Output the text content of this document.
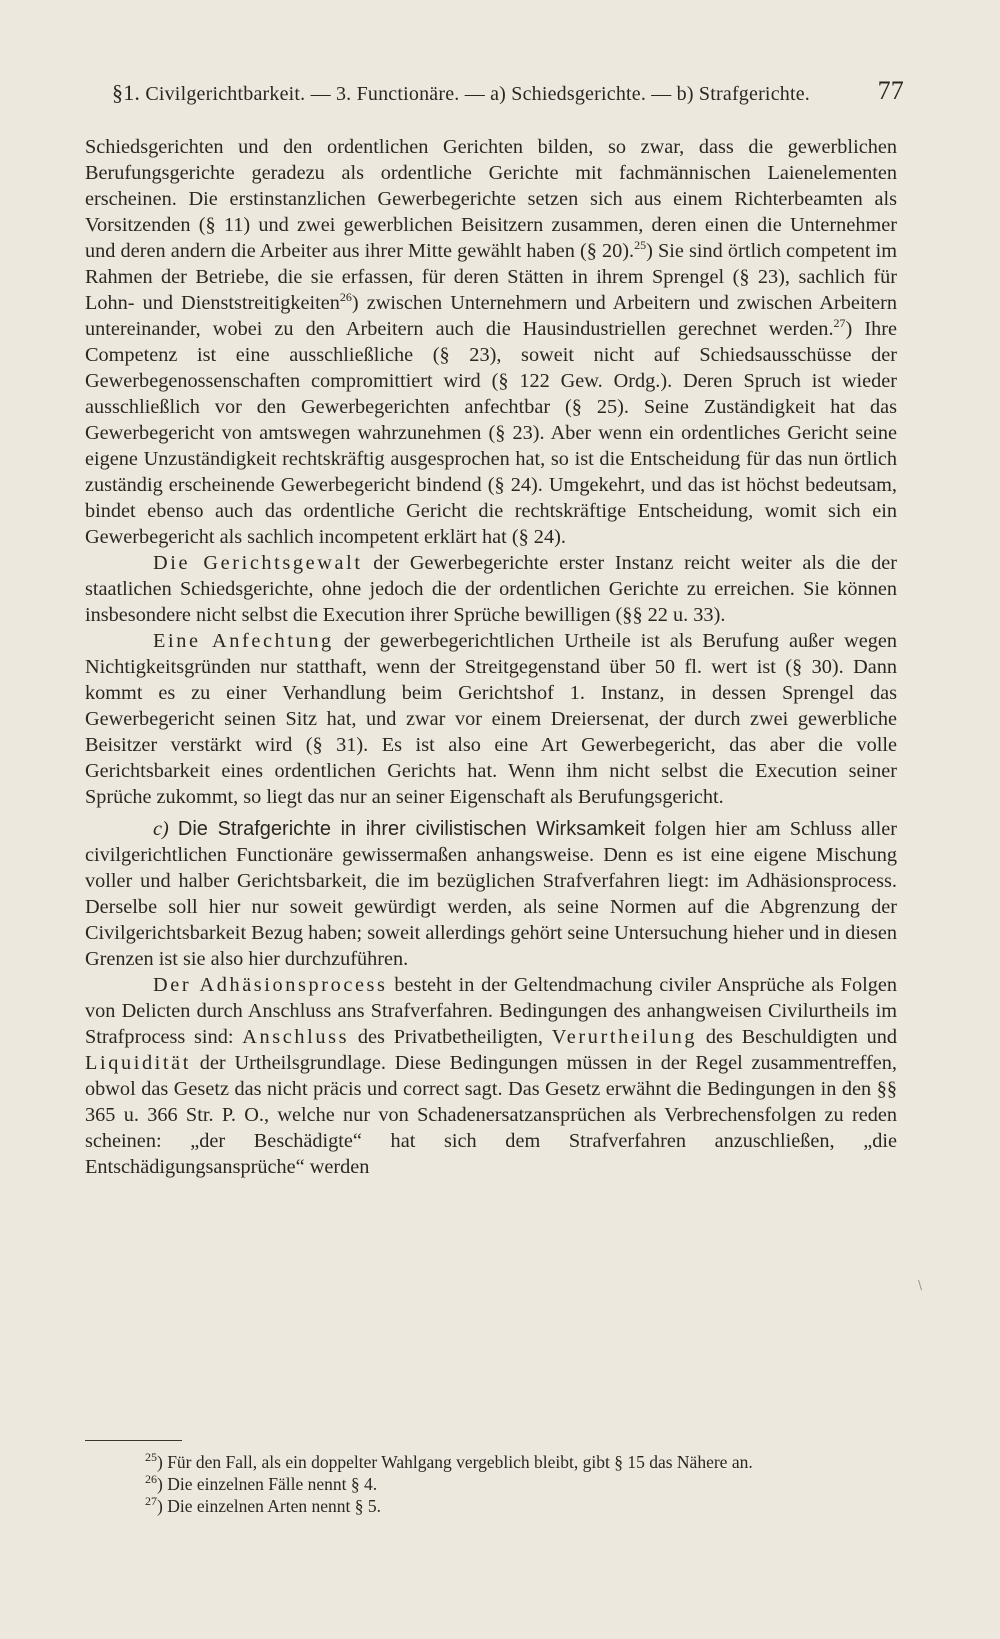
§1. Civilgerichtbarkeit. — 3. Functionäre. — a) Schiedsgerichte. — b) Strafgerichte.	77

Schiedsgerichten und den ordentlichen Gerichten bilden, so zwar, dass die gewerblichen Berufungsgerichte geradezu als ordentliche Gerichte mit fachmännischen Laienelementen erscheinen. Die erstinstanzlichen Gewerbegerichte setzen sich aus einem Richterbeamten als Vorsitzenden (§ 11) und zwei gewerblichen Beisitzern zusammen, deren einen die Unternehmer und deren andern die Arbeiter aus ihrer Mitte gewählt haben (§ 20).$^{25}$) Sie sind örtlich competent im Rahmen der Betriebe, die sie erfassen, für deren Stätten in ihrem Sprengel (§ 23), sachlich für Lohn- und Dienststreitigkeiten$^{26}$) zwischen Unternehmern und Arbeitern und zwischen Arbeitern untereinander, wobei zu den Arbeitern auch die Hausindustriellen gerechnet werden.$^{27}$) Ihre Competenz ist eine ausschließliche (§ 23), soweit nicht auf Schiedsausschüsse der Gewerbegenossenschaften compromittiert wird (§ 122 Gew. Ordg.). Deren Spruch ist wieder ausschließlich vor den Gewerbegerichten anfechtbar (§ 25). Seine Zuständigkeit hat das Gewerbegericht von amtswegen wahrzunehmen (§ 23). Aber wenn ein ordentliches Gericht seine eigene Unzuständigkeit rechtskräftig ausgesprochen hat, so ist die Entscheidung für das nun örtlich zuständig erscheinende Gewerbegericht bindend (§ 24). Umgekehrt, und das ist höchst bedeutsam, bindet ebenso auch das ordentliche Gericht die rechtskräftige Entscheidung, womit sich ein Gewerbegericht als sachlich incompetent erklärt hat (§ 24).

Die Gerichtsgewalt der Gewerbegerichte erster Instanz reicht weiter als die der staatlichen Schiedsgerichte, ohne jedoch die der ordentlichen Gerichte zu erreichen. Sie können insbesondere nicht selbst die Execution ihrer Sprüche bewilligen (§§ 22 u. 33).

Eine Anfechtung der gewerbegerichtlichen Urtheile ist als Berufung außer wegen Nichtigkeitsgründen nur statthaft, wenn der Streitgegenstand über 50 fl. wert ist (§ 30). Dann kommt es zu einer Verhandlung beim Gerichtshof 1. Instanz, in dessen Sprengel das Gewerbegericht seinen Sitz hat, und zwar vor einem Dreiersenat, der durch zwei gewerbliche Beisitzer verstärkt wird (§ 31). Es ist also eine Art Gewerbegericht, das aber die volle Gerichtsbarkeit eines ordentlichen Gerichts hat. Wenn ihm nicht selbst die Execution seiner Sprüche zukommt, so liegt das nur an seiner Eigenschaft als Berufungsgericht.

c) Die Strafgerichte in ihrer civilistischen Wirksamkeit folgen hier am Schluss aller civilgerichtlichen Functionäre gewissermaßen anhangsweise. Denn es ist eine eigene Mischung voller und halber Gerichtsbarkeit, die im bezüglichen Strafverfahren liegt: im Adhäsionsprocess. Derselbe soll hier nur soweit gewürdigt werden, als seine Normen auf die Abgrenzung der Civilgerichtsbarkeit Bezug haben; soweit allerdings gehört seine Untersuchung hieher und in diesen Grenzen ist sie also hier durchzuführen.

Der Adhäsionsprocess besteht in der Geltendmachung civiler Ansprüche als Folgen von Delicten durch Anschluss ans Strafverfahren. Bedingungen des anhangweisen Civilurtheils im Strafprocess sind: Anschluss des Privatbetheiligten, Verurtheilung des Beschuldigten und Liquidität der Urtheilsgrundlage. Diese Bedingungen müssen in der Regel zusammentreffen, obwol das Gesetz das nicht präcis und correct sagt. Das Gesetz erwähnt die Bedingungen in den §§ 365 u. 366 Str. P. O., welche nur von Schadenersatzansprüchen als Verbrechensfolgen zu reden scheinen: „der Beschädigte“ hat sich dem Strafverfahren anzuschließen, „die Entschädigungsansprüche“ werden

$^{25}$) Für den Fall, als ein doppelter Wahlgang vergeblich bleibt, gibt § 15 das Nähere an.

$^{26}$) Die einzelnen Fälle nennt § 4.

$^{27}$) Die einzelnen Arten nennt § 5.

\
